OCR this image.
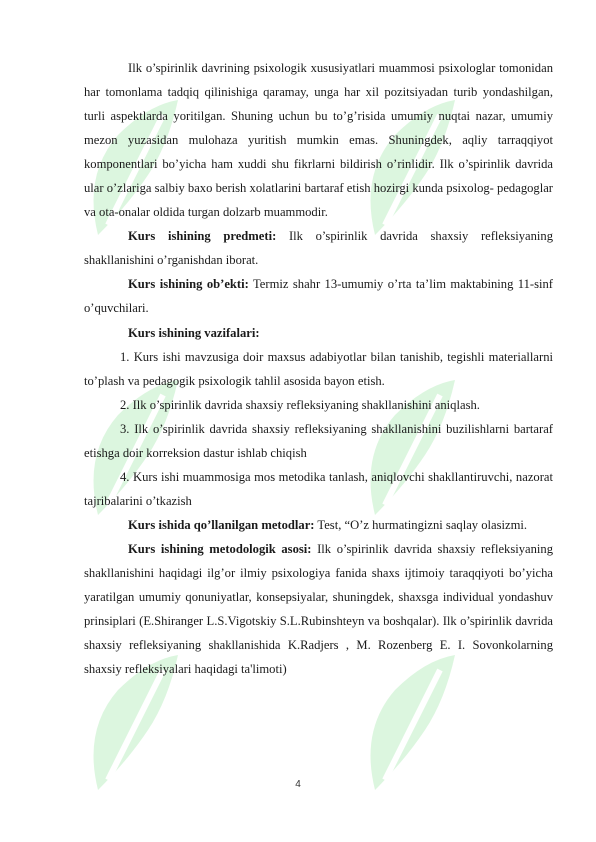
Ilk o’spirinlik davrining psixologik xususiyatlari muammosi psixologlar tomonidan har tomonlama tadqiq qilinishiga qaramay, unga har xil pozitsiyadan turib yondashilgan, turli aspektlarda yoritilgan. Shuning uchun bu to’g’risida umumiy nuqtai nazar, umumiy mezon yuzasidan mulohaza yuritish mumkin emas. Shuningdek, aqliy tarraqqiyot komponentlari bo’yicha ham xuddi shu fikrlarni bildirish o’rinlidir. Ilk o’spirinlik davrida ular o’zlariga salbiy baxo berish xolatlarini bartaraf etish hozirgi kunda psixolog- pedagoglar va ota-onalar oldida turgan dolzarb muammodir.

Kurs ishining predmeti: Ilk o’spirinlik davrida shaxsiy refleksiyaning shakllanishini o’rganishdan iborat.

Kurs ishining ob’ekti: Termiz shahr 13-umumiy o’rta ta’lim maktabining 11-sinf o’quvchilari.

Kurs ishining vazifalari:

1. Kurs ishi mavzusiga doir maxsus adabiyotlar bilan tanishib, tegishli materiallarni to’plash va pedagogik psixologik tahlil asosida bayon etish.

2. Ilk o’spirinlik davrida shaxsiy refleksiyaning shakllanishini aniqlash.

3. Ilk o’spirinlik davrida shaxsiy refleksiyaning shakllanishini buzilishlarni bartaraf etishga doir korreksion dastur ishlab chiqish

4. Kurs ishi muammosiga mos metodika tanlash, aniqlovchi shakllantiruvchi, nazorat tajribalarini o’tkazish

Kurs ishida qo’llanilgan metodlar: Test, “O’z hurmatingizni saqlay olasizmi.

Kurs ishining metodologik asosi: Ilk o’spirinlik davrida shaxsiy refleksiyaning shakllanishini haqidagi ilg’or ilmiy psixologiya fanida shaxs ijtimoiy taraqqiyoti bo’yicha yaratilgan umumiy qonuniyatlar, konsepsiyalar, shuningdek, shaxsga individual yondashuv prinsiplari (E.Shiranger L.S.Vigotskiy S.L.Rubinshteyn va boshqalar). Ilk o’spirinlik davrida shaxsiy refleksiyaning shakllanishida K.Radjers , M. Rozenberg E. I. Sovonkolarning shaxsiy refleksiyalari haqidagi ta'limoti)

4
